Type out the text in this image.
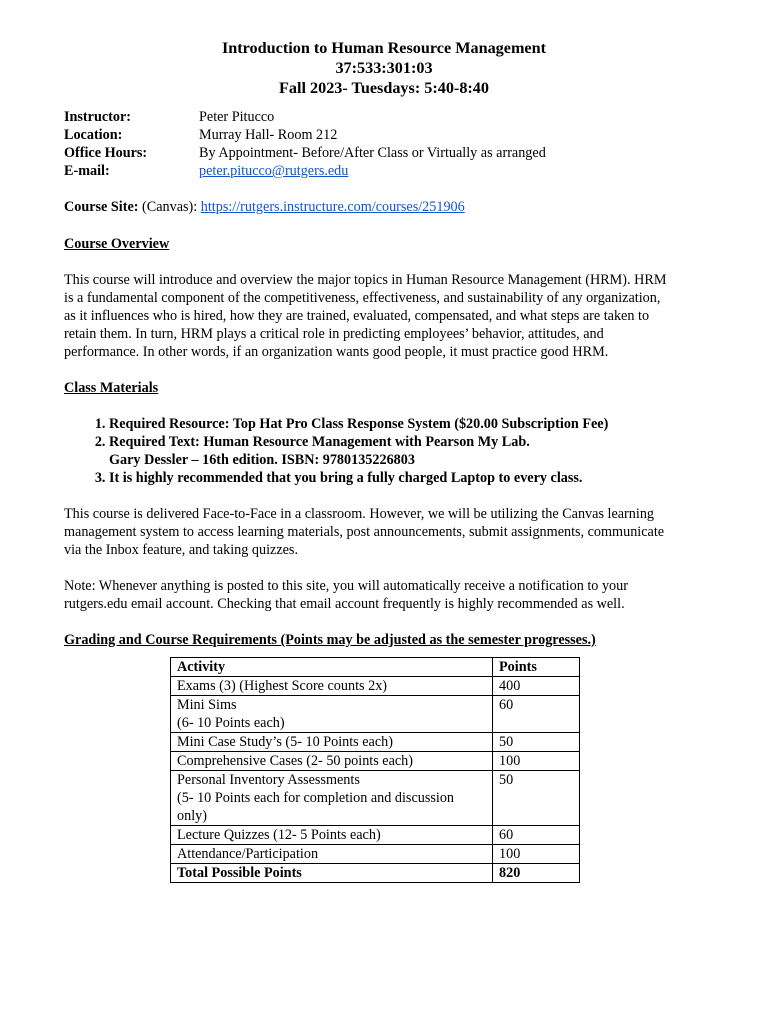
Introduction to Human Resource Management
37:533:301:03
Fall 2023- Tuesdays: 5:40-8:40
Instructor:	Peter Pitucco
Location:	Murray Hall- Room 212
Office Hours:	By Appointment- Before/After Class or Virtually as arranged
E-mail:	peter.pitucco@rutgers.edu
Course Site: (Canvas): https://rutgers.instructure.com/courses/251906
Course Overview
This course will introduce and overview the major topics in Human Resource Management (HRM). HRM
is a fundamental component of the competitiveness, effectiveness, and sustainability of any organization,
as it influences who is hired, how they are trained, evaluated, compensated, and what steps are taken to
retain them. In turn, HRM plays a critical role in predicting employees’ behavior, attitudes, and
performance. In other words, if an organization wants good people, it must practice good HRM.
Class Materials
1. Required Resource: Top Hat Pro Class Response System ($20.00 Subscription Fee)
2. Required Text: Human Resource Management with Pearson My Lab.
Gary Dessler – 16th edition. ISBN: 9780135226803
3. It is highly recommended that you bring a fully charged Laptop to every class.
This course is delivered Face-to-Face in a classroom. However, we will be utilizing the Canvas learning
management system to access learning materials, post announcements, submit assignments, communicate
via the Inbox feature, and taking quizzes.
Note: Whenever anything is posted to this site, you will automatically receive a notification to your
rutgers.edu email account. Checking that email account frequently is highly recommended as well.
Grading and Course Requirements (Points may be adjusted as the semester progresses.)
Activity	Points

Exams (3) (Highest Score counts 2x)	400

Mini Sims
(6- 10 Points each)	60

Mini Case Study’s (5- 10 Points each)	50

Comprehensive Cases (2- 50 points each)	100

Personal Inventory Assessments
(5- 10 Points each for completion and discussion
only)	50

Lecture Quizzes (12- 5 Points each)	60

Attendance/Participation	100
Total Possible Points	820
